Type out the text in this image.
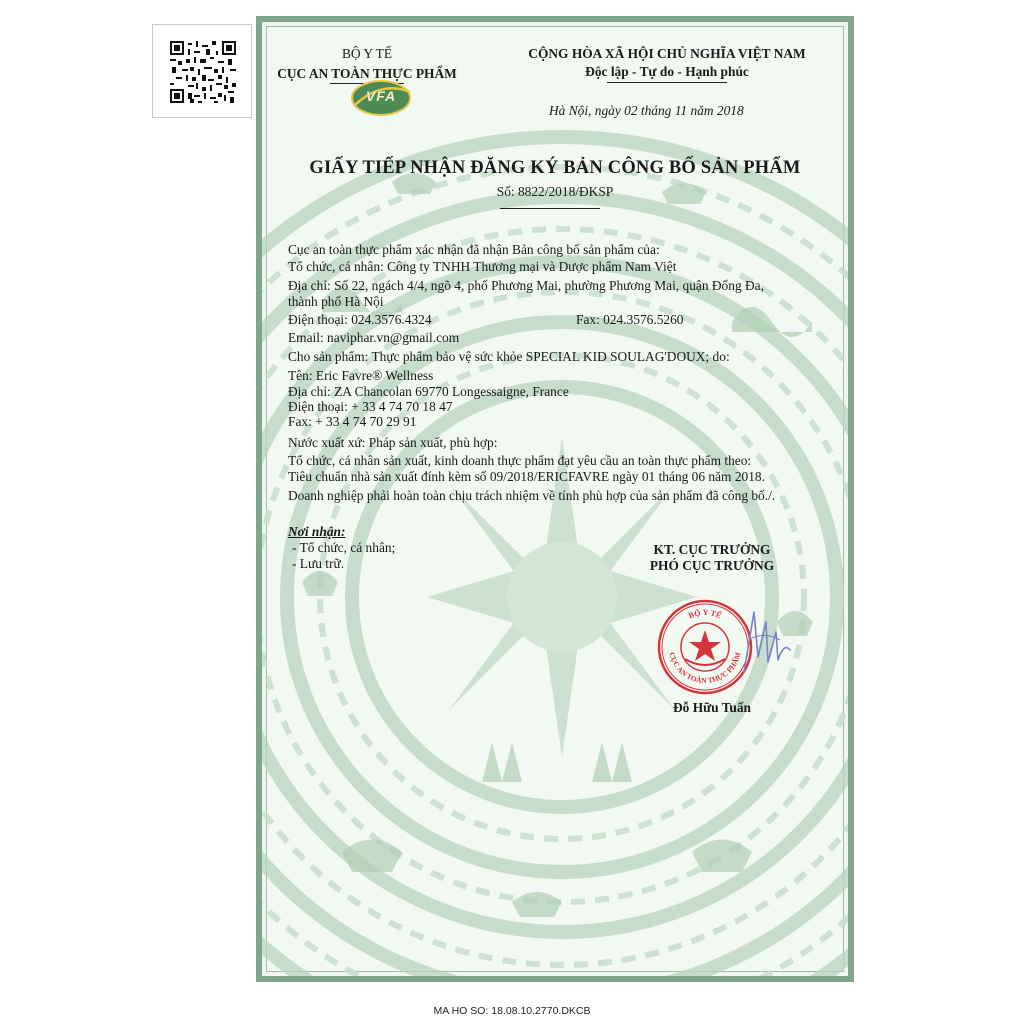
BỘ Y TẾ
CỤC AN TOÀN THỰC PHẨM
VFA
CỘNG HÒA XÃ HỘI CHỦ NGHĨA VIỆT NAM
Độc lập - Tự do - Hạnh phúc
Hà Nội, ngày 02 tháng 11 năm 2018
GIẤY TIẾP NHẬN ĐĂNG KÝ BẢN CÔNG BỐ SẢN PHẨM
Số: 8822/2018/ĐKSP
Cục an toàn thực phẩm xác nhận đã nhận Bản công bố sản phẩm của:
Tổ chức, cá nhân: Công ty TNHH Thương mại và Dược phẩm Nam Việt
Địa chỉ: Số 22, ngách 4/4, ngõ 4, phố Phương Mai, phường Phương Mai, quận Đống Đa,
thành phố Hà Nội
Điện thoại: 024.3576.4324	Fax: 024.3576.5260
Email: naviphar.vn@gmail.com
Cho sản phẩm: Thực phẩm bảo vệ sức khỏe SPECIAL KID SOULAG'DOUX; do:
Tên: Eric Favre® Wellness
Địa chỉ: ZA Chancolan 69770 Longessaigne, France
Điện thoại: + 33 4 74 70 18 47
Fax: + 33 4 74 70 29 91
Nước xuất xứ: Pháp sản xuất, phù hợp:
Tổ chức, cá nhân sản xuất, kinh doanh thực phẩm đạt yêu cầu an toàn thực phẩm theo:
Tiêu chuẩn nhà sản xuất đính kèm số 09/2018/ERICFAVRE ngày 01 tháng 06 năm 2018.
Doanh nghiệp phải hoàn toàn chịu trách nhiệm về tính phù hợp của sản phẩm đã công bố./.
Nơi nhận:
- Tổ chức, cá nhân;
- Lưu trữ.
KT. CỤC TRƯỞNG
PHÓ CỤC TRƯỞNG
BỘ Y TẾ
CỤC AN TOÀN THỰC PHẨM
Đỗ Hữu Tuấn
MA HO SO: 18.08.10.2770.DKCB
